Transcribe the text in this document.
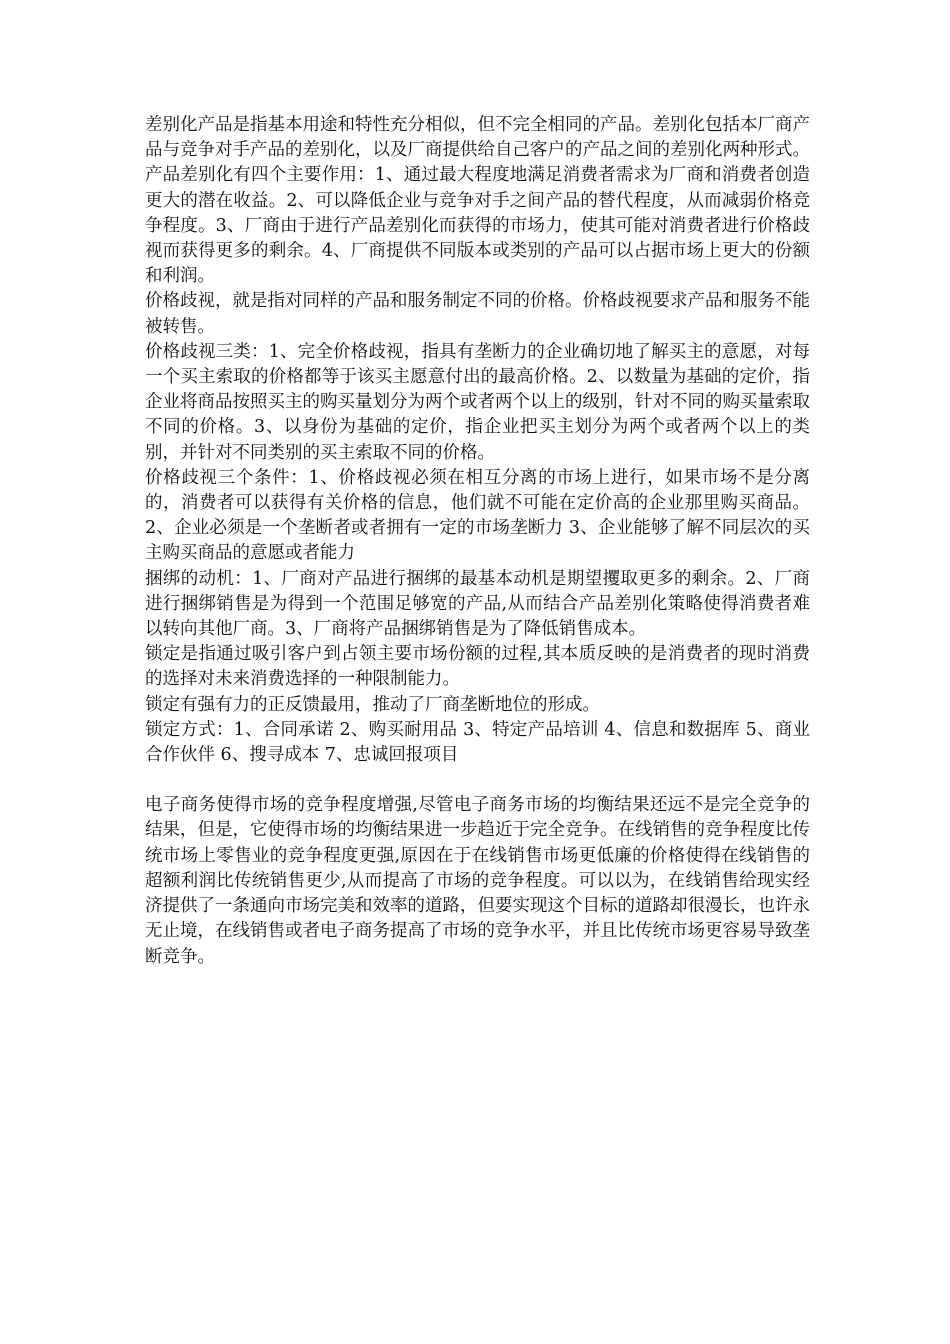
差别化产品是指基本用途和特性充分相似，但不完全相同的产品。差别化包括本厂商产品与竞争对手产品的差别化，以及厂商提供给自己客户的产品之间的差别化两种形式。

产品差别化有四个主要作用：1、通过最大程度地满足消费者需求为厂商和消费者创造更大的潜在收益。2、可以降低企业与竞争对手之间产品的替代程度，从而减弱价格竞争程度。3、厂商由于进行产品差别化而获得的市场力，使其可能对消费者进行价格歧视而获得更多的剩余。4、厂商提供不同版本或类别的产品可以占据市场上更大的份额和利润。

价格歧视，就是指对同样的产品和服务制定不同的价格。价格歧视要求产品和服务不能被转售。

价格歧视三类：1、完全价格歧视，指具有垄断力的企业确切地了解买主的意愿，对每一个买主索取的价格都等于该买主愿意付出的最高价格。2、以数量为基础的定价，指企业将商品按照买主的购买量划分为两个或者两个以上的级别，针对不同的购买量索取不同的价格。3、以身份为基础的定价，指企业把买主划分为两个或者两个以上的类别，并针对不同类别的买主索取不同的价格。

价格歧视三个条件：1、价格歧视必须在相互分离的市场上进行，如果市场不是分离的，消费者可以获得有关价格的信息，他们就不可能在定价高的企业那里购买商品。2、企业必须是一个垄断者或者拥有一定的市场垄断力 3、企业能够了解不同层次的买主购买商品的意愿或者能力

捆绑的动机：1、厂商对产品进行捆绑的最基本动机是期望攫取更多的剩余。2、厂商进行捆绑销售是为得到一个范围足够宽的产品,从而结合产品差别化策略使得消费者难以转向其他厂商。3、厂商将产品捆绑销售是为了降低销售成本。

锁定是指通过吸引客户到占领主要市场份额的过程,其本质反映的是消费者的现时消费的选择对未来消费选择的一种限制能力。

锁定有强有力的正反馈最用，推动了厂商垄断地位的形成。

锁定方式：1、合同承诺 2、购买耐用品 3、特定产品培训 4、信息和数据库 5、商业合作伙伴 6、搜寻成本 7、忠诚回报项目

电子商务使得市场的竞争程度增强,尽管电子商务市场的均衡结果还远不是完全竞争的结果，但是，它使得市场的均衡结果进一步趋近于完全竞争。在线销售的竞争程度比传统市场上零售业的竞争程度更强,原因在于在线销售市场更低廉的价格使得在线销售的超额利润比传统销售更少,从而提高了市场的竞争程度。可以以为，在线销售给现实经济提供了一条通向市场完美和效率的道路，但要实现这个目标的道路却很漫长，也许永无止境，在线销售或者电子商务提高了市场的竞争水平，并且比传统市场更容易导致垄断竞争。
